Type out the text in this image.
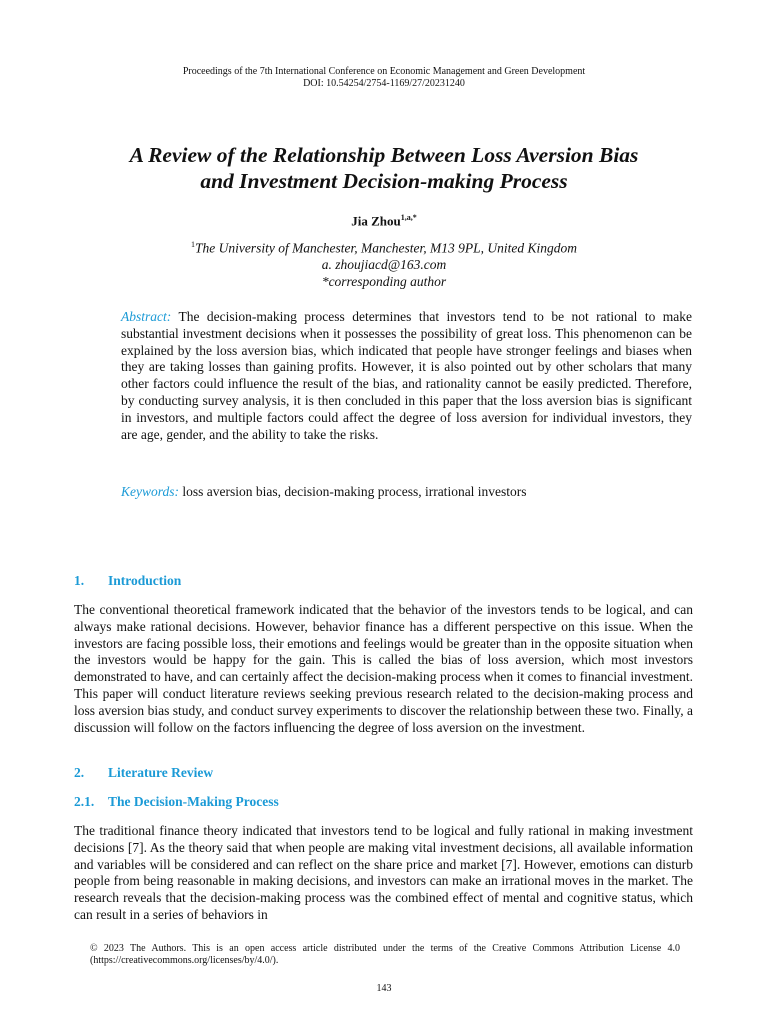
Proceedings of the 7th International Conference on Economic Management and Green Development
DOI: 10.54254/2754-1169/27/20231240
A Review of the Relationship Between Loss Aversion Bias
and Investment Decision-making Process
Jia Zhou$^{1,a,*}$
$^1$The University of Manchester, Manchester, M13 9PL, United Kingdom
a. zhoujiacd@163.com
*corresponding author

Abstract: The decision-making process determines that investors tend to be not rational to make substantial investment decisions when it possesses the possibility of great loss. This phenomenon can be explained by the loss aversion bias, which indicated that people have stronger feelings and biases when they are taking losses than gaining profits. However, it is also pointed out by other scholars that many other factors could influence the result of the bias, and rationality cannot be easily predicted. Therefore, by conducting survey analysis, it is then concluded in this paper that the loss aversion bias is significant in investors, and multiple factors could affect the degree of loss aversion for individual investors, they are age, gender, and the ability to take the risks.

Keywords: loss aversion bias, decision-making process, irrational investors

1. Introduction

The conventional theoretical framework indicated that the behavior of the investors tends to be logical, and can always make rational decisions. However, behavior finance has a different perspective on this issue. When the investors are facing possible loss, their emotions and feelings would be greater than in the opposite situation when the investors would be happy for the gain. This is called the bias of loss aversion, which most investors demonstrated to have, and can certainly affect the decision-making process when it comes to financial investment. This paper will conduct literature reviews seeking previous research related to the decision-making process and loss aversion bias study, and conduct survey experiments to discover the relationship between these two. Finally, a discussion will follow on the factors influencing the degree of loss aversion on the investment.

2. Literature Review
2.1. The Decision-Making Process

The traditional finance theory indicated that investors tend to be logical and fully rational in making investment decisions [7]. As the theory said that when people are making vital investment decisions, all available information and variables will be considered and can reflect on the share price and market [7]. However, emotions can disturb people from being reasonable in making decisions, and investors can make an irrational moves in the market. The research reveals that the decision-making process was the combined effect of mental and cognitive status, which can result in a series of behaviors in

© 2023 The Authors. This is an open access article distributed under the terms of the Creative Commons Attribution License 4.0 (https://creativecommons.org/licenses/by/4.0/).

143
